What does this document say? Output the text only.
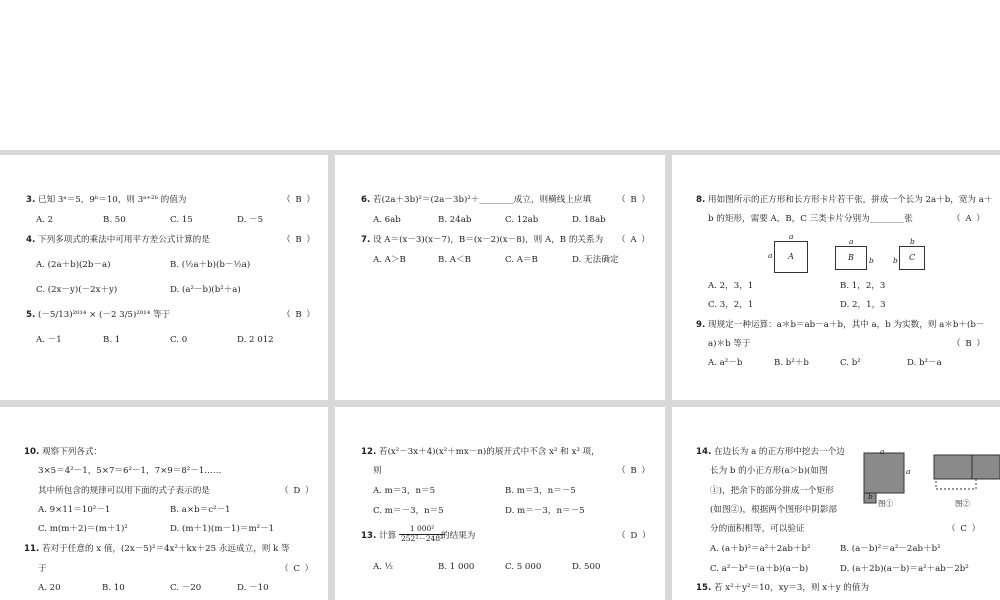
3. 已知 3ᵃ＝5，9ᵇ＝10，则 3ᵃ⁺²ᵇ 的值为	（ B ）
A. 2	B. 50	C. 15	D. －5
4. 下列多项式的乘法中可用平方差公式计算的是	（ B ）
A. (2a＋b)(2b－a)	B. (½a＋b)(b－½a)
C. (2x－y)(－2x＋y)	D. (a²－b)(b²＋a)
5. (－5/13)²⁰¹⁴ × (－2 3/5)²⁰¹⁴ 等于	（ B ）
A. －1	B. 1	C. 0	D. 2 012
6. 若(2a＋3b)²＝(2a－3b)²＋________成立，则横线上应填	（ B ）
A. 6ab	B. 24ab	C. 12ab	D. 18ab
7. 设 A＝(x－3)(x－7)，B＝(x－2)(x－8)，则 A，B 的关系为 （ A ）
A. A＞B	B. A＜B	C. A＝B	D. 无法确定
8. 用如图所示的正方形和长方形卡片若干张，拼成一个长为 2a＋b，宽为 a＋
b 的矩形，需要 A，B，C 三类卡片分别为________张	（ A ）
a
a	A
a
B	b
b
b	C
A. 2，3，1	B. 1，2，3
C. 3，2，1	D. 2，1，3
9. 现规定一种运算：a＊b＝ab－a＋b，其中 a，b 为实数，则 a＊b＋(b－
a)＊b 等于	（ B ）
A. a²－b	B. b²＋b	C. b²	D. b²－a
10. 观察下列各式：
3×5＝4²－1，5×7＝6²－1，7×9＝8²－1……
其中所包含的规律可以用下面的式子表示的是	（ D ）
A. 9×11＝10²－1	B. a×b＝c²－1
C. m(m＋2)＝(m＋1)²	D. (m＋1)(m－1)＝m²－1
11. 若对于任意的 x 值，(2x－5)²＝4x²＋kx＋25 永远成立，则 k 等
于	（ C ）
A. 20	B. 10	C. －20	D. －10
12. 若(x²－3x＋4)(x²＋mx－n)的展开式中不含 x² 和 x³ 项，
则	（ B ）
A. m＝3，n＝5	B. m＝3，n＝－5
C. m＝－3，n＝5	D. m＝－3，n＝－5
13. 计算 $\frac{\text{1 000²}}{\text{252²－248²}}$
的结果为	（ D ）
A. ½	B. 1 000	C. 5 000	D. 500
14. 在边长为 a 的正方形中挖去一个边
长为 b 的小正方形(a＞b)(如图
①)，把余下的部分拼成一个矩形
(如图②)，根据两个图形中阴影部
分的面积相等，可以验证	（ C ）
a
a
b
图①	图②
A. (a＋b)²＝a²＋2ab＋b²	B. (a－b)²＝a²－2ab＋b²
C. a²－b²＝(a＋b)(a－b)	D. (a＋2b)(a－b)＝a²＋ab－2b²
15. 若 x²＋y²＝10，xy＝3，则 x＋y 的值为
